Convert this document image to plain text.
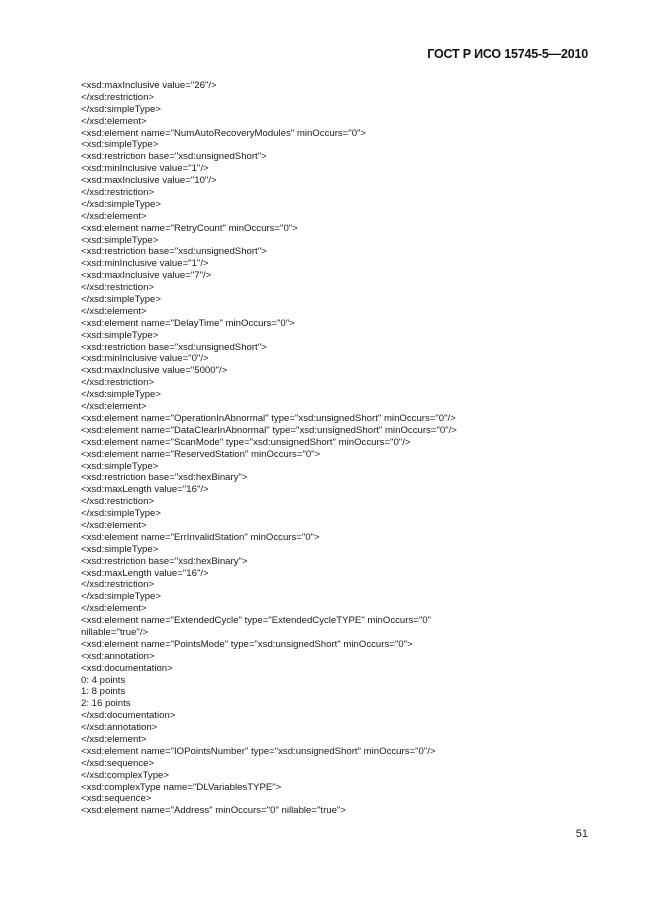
ГОСТ Р ИСО 15745-5—2010
<xsd:maxInclusive value="26"/>
</xsd:restriction>
</xsd:simpleType>
</xsd:element>
<xsd:element name="NumAutoRecoveryModules" minOccurs="0">
<xsd:simpleType>
<xsd:restriction base="xsd:unsignedShort">
<xsd:minInclusive value="1"/>
<xsd:maxInclusive value="10"/>
</xsd:restriction>
</xsd:simpleType>
</xsd:element>
<xsd:element name="RetryCount" minOccurs="0">
<xsd:simpleType>
<xsd:restriction base="xsd:unsignedShort">
<xsd:minInclusive value="1"/>
<xsd:maxInclusive value="7"/>
</xsd:restriction>
</xsd:simpleType>
</xsd:element>
<xsd:element name="DelayTime" minOccurs="0">
<xsd:simpleType>
<xsd:restriction base="xsd:unsignedShort">
<xsd:minInclusive value="0"/>
<xsd:maxInclusive value="5000"/>
</xsd:restriction>
</xsd:simpleType>
</xsd:element>
<xsd:element name="OperationInAbnormal" type="xsd:unsignedShort" minOccurs="0"/>
<xsd:element name="DataClearInAbnormal" type="xsd:unsignedShort" minOccurs="0"/>
<xsd:element name="ScanMode" type="xsd:unsignedShort" minOccurs="0"/>
<xsd:element name="ReservedStation" minOccurs="0">
<xsd:simpleType>
<xsd:restriction base="xsd:hexBinary">
<xsd:maxLength value="16"/>
</xsd:restriction>
</xsd:simpleType>
</xsd:element>
<xsd:element name="ErrInvalidStation" minOccurs="0">
<xsd:simpleType>
<xsd:restriction base="xsd:hexBinary">
<xsd:maxLength value="16"/>
</xsd:restriction>
</xsd:simpleType>
</xsd:element>
<xsd:element name="ExtendedCycle" type="ExtendedCycleTYPE" minOccurs="0"
nillable="true"/>
<xsd:element name="PointsMode" type="xsd:unsignedShort" minOccurs="0">
<xsd:annotation>
<xsd:documentation>
0: 4 points
1: 8 points
2: 16 points
</xsd:documentation>
</xsd:annotation>
</xsd:element>
<xsd:element name="IOPointsNumber" type="xsd:unsignedShort" minOccurs="0"/>
</xsd:sequence>
</xsd:complexType>
<xsd:complexType name="DLVariablesTYPE">
<xsd:sequence>
<xsd:element name="Address" minOccurs="0" nillable="true">
51
